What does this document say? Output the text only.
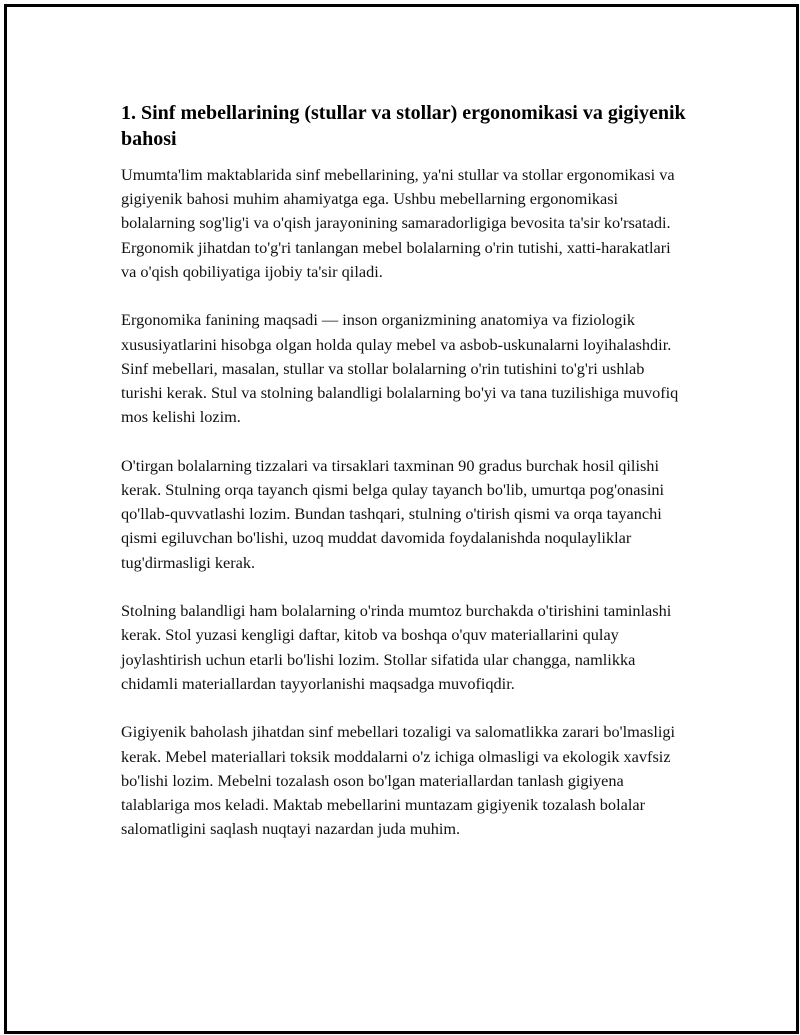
1. Sinf mebellarining (stullar va stollar) ergonomikasi va gigiyenik bahosi

Umumta'lim maktablarida sinf mebellarining, ya'ni stullar va stollar ergonomikasi va gigiyenik bahosi muhim ahamiyatga ega. Ushbu mebellarning ergonomikasi bolalarning sog'lig'i va o'qish jarayonining samaradorligiga bevosita ta'sir ko'rsatadi. Ergonomik jihatdan to'g'ri tanlangan mebel bolalarning o'rin tutishi, xatti-harakatlari va o'qish qobiliyatiga ijobiy ta'sir qiladi.

Ergonomika fanining maqsadi — inson organizmining anatomiya va fiziologik xususiyatlarini hisobga olgan holda qulay mebel va asbob-uskunalarni loyihalashdir. Sinf mebellari, masalan, stullar va stollar bolalarning o'rin tutishini to'g'ri ushlab turishi kerak. Stul va stolning balandligi bolalarning bo'yi va tana tuzilishiga muvofiq mos kelishi lozim.

O'tirgan bolalarning tizzalari va tirsaklari taxminan 90 gradus burchak hosil qilishi kerak. Stulning orqa tayanch qismi belga qulay tayanch bo'lib, umurtqa pog'onasini qo'llab-quvvatlashi lozim. Bundan tashqari, stulning o'tirish qismi va orqa tayanchi qismi egiluvchan bo'lishi, uzoq muddat davomida foydalanishda noqulayliklar tug'dirmasligi kerak.

Stolning balandligi ham bolalarning o'rinda mumtoz burchakda o'tirishini taminlashi kerak. Stol yuzasi kengligi daftar, kitob va boshqa o'quv materiallarini qulay joylashtirish uchun etarli bo'lishi lozim. Stollar sifatida ular changga, namlikka chidamli materiallardan tayyorlanishi maqsadga muvofiqdir.

Gigiyenik baholash jihatdan sinf mebellari tozaligi va salomatlikka zarari bo'lmasligi kerak. Mebel materiallari toksik moddalarni o'z ichiga olmasligi va ekologik xavfsiz bo'lishi lozim. Mebelni tozalash oson bo'lgan materiallardan tanlash gigiyena talablariga mos keladi. Maktab mebellarini muntazam gigiyenik tozalash bolalar salomatligini saqlash nuqtayi nazardan juda muhim.
